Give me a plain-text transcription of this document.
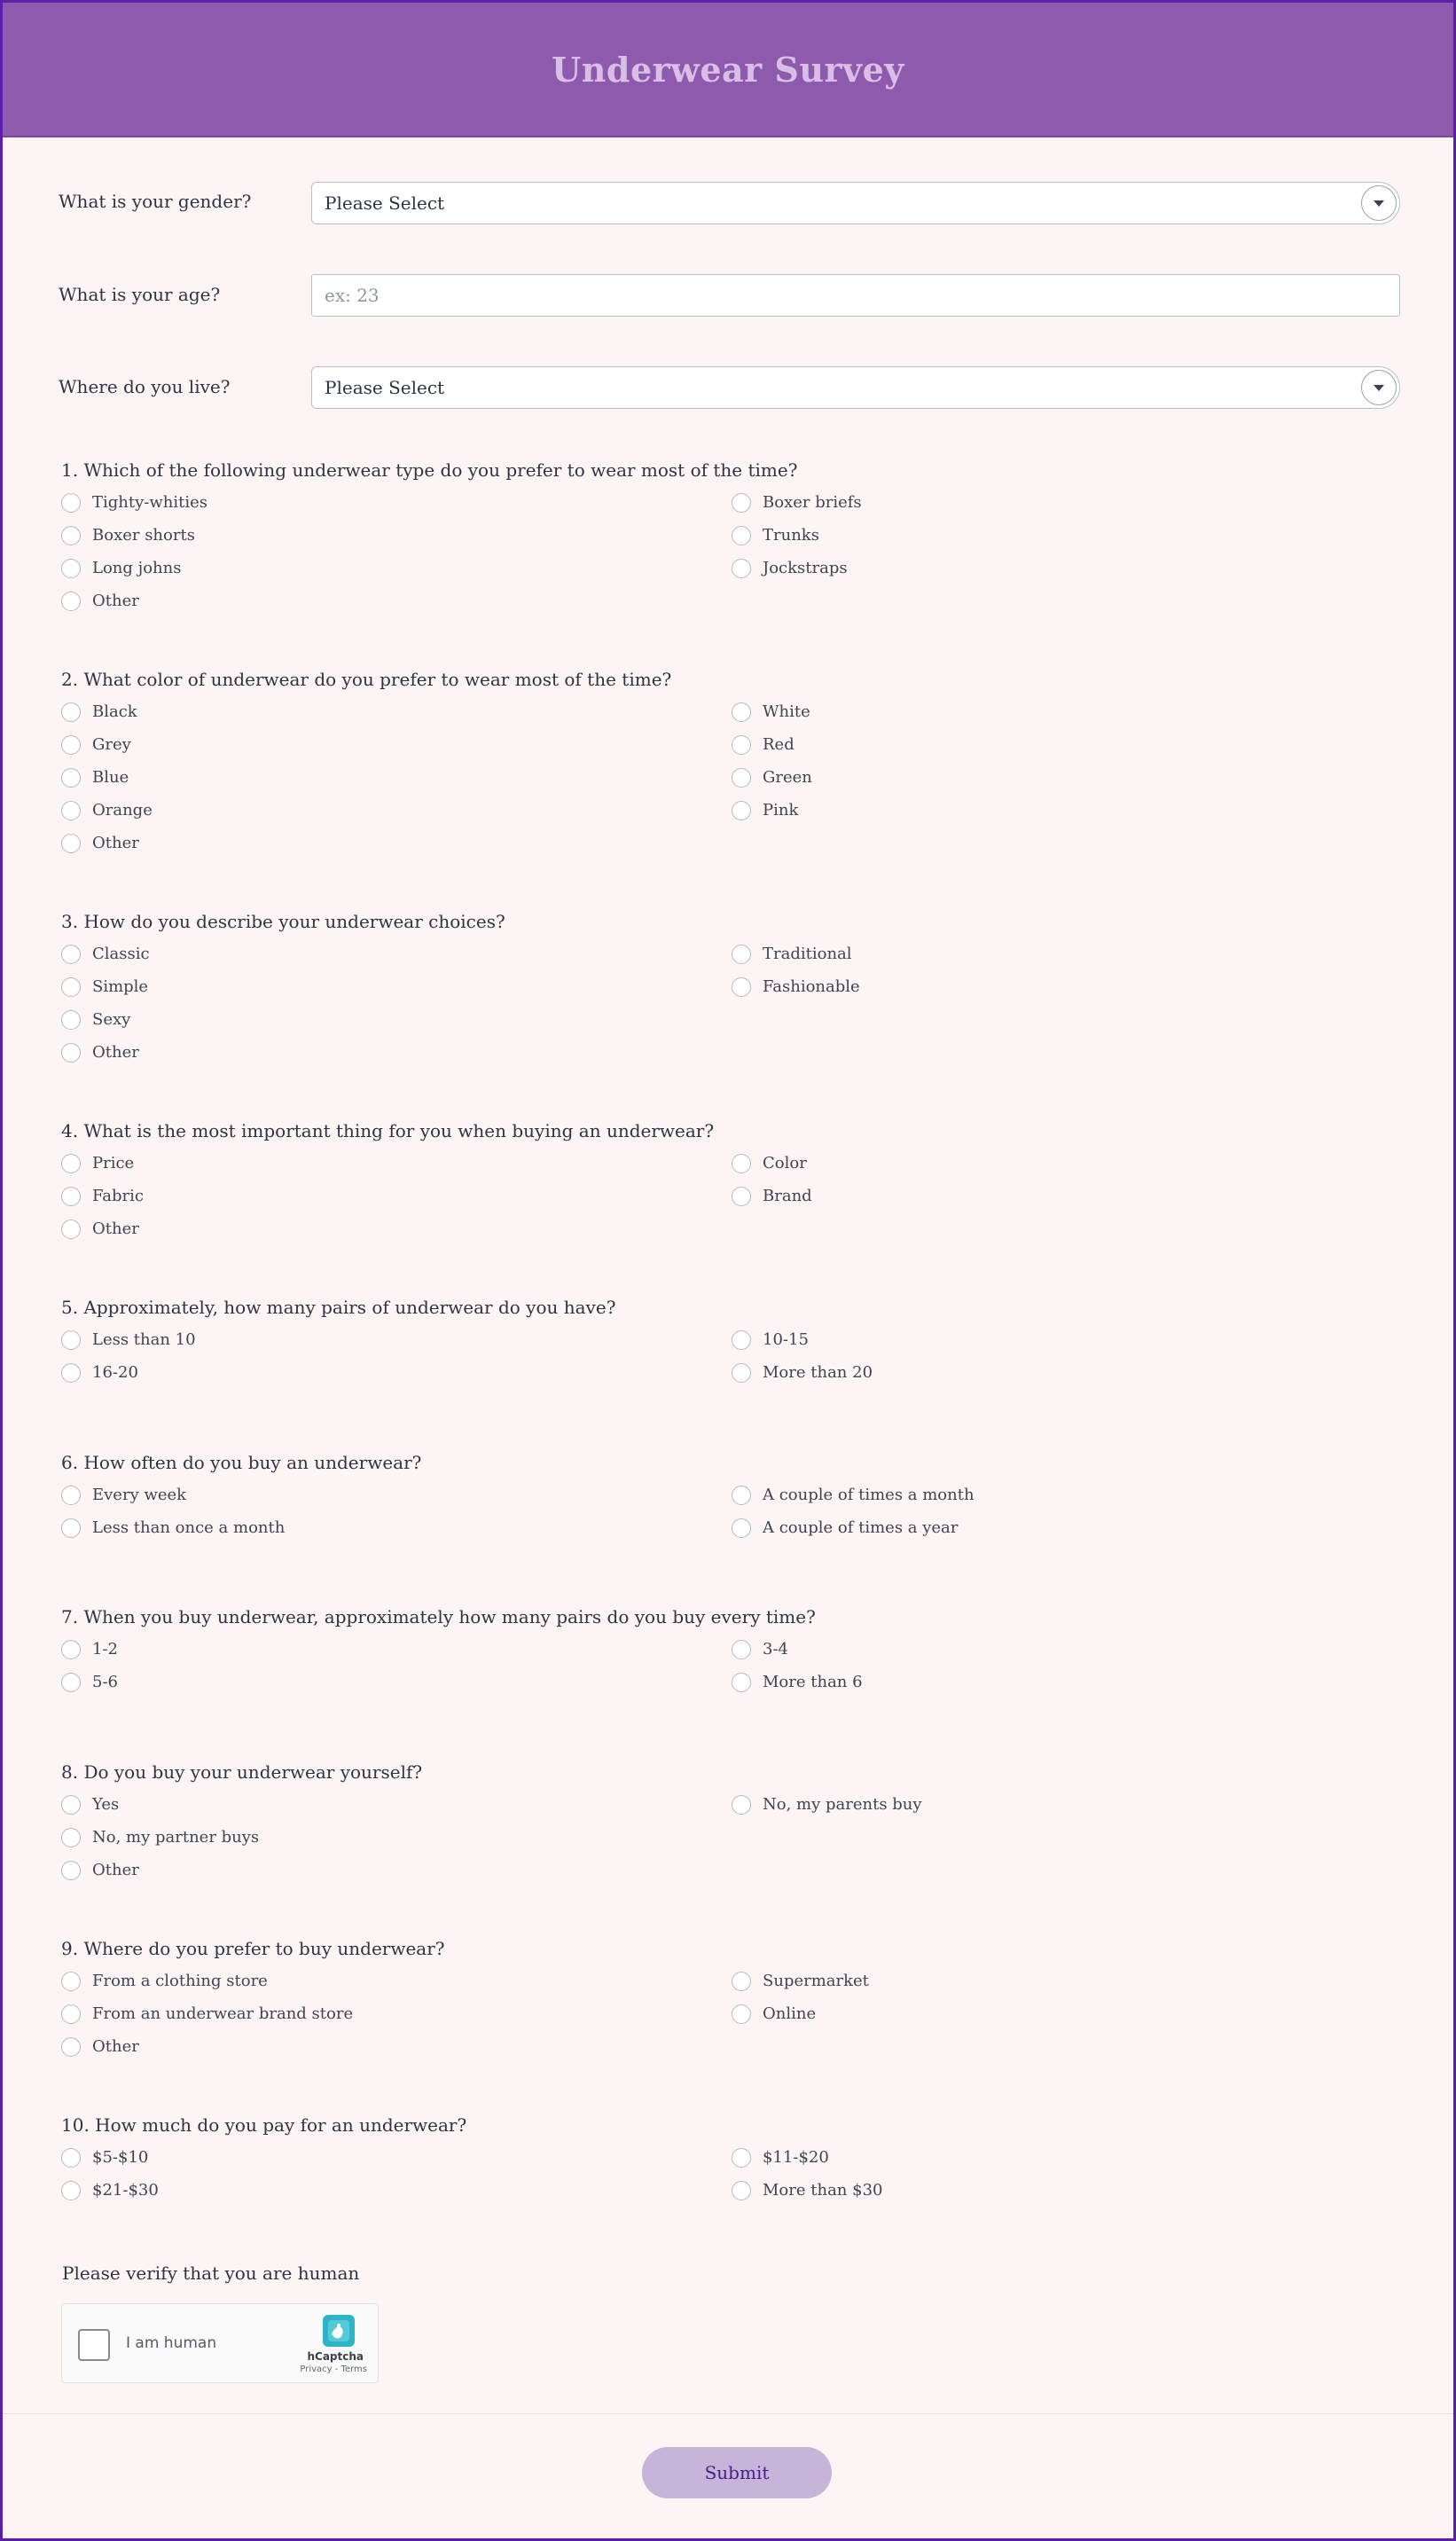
Underwear Survey
What is your gender?	Please Select
What is your age?	ex: 23
Where do you live?	Please Select
1. Which of the following underwear type do you prefer to wear most of the time?
Tighty-whities	Boxer briefs
Boxer shorts	Trunks
Long johns	Jockstraps
Other
2. What color of underwear do you prefer to wear most of the time?
Black	White
Grey	Red
Blue	Green
Orange	Pink
Other
3. How do you describe your underwear choices?
Classic	Traditional
Simple	Fashionable
Sexy
Other
4. What is the most important thing for you when buying an underwear?
Price	Color
Fabric	Brand
Other
5. Approximately, how many pairs of underwear do you have?
Less than 10	10-15
16-20	More than 20
6. How often do you buy an underwear?
Every week	A couple of times a month
Less than once a month	A couple of times a year
7. When you buy underwear, approximately how many pairs do you buy every time?
1-2	3-4
5-6	More than 6
8. Do you buy your underwear yourself?
Yes	No, my parents buy
No, my partner buys
Other
9. Where do you prefer to buy underwear?
From a clothing store	Supermarket
From an underwear brand store	Online
Other
10. How much do you pay for an underwear?
$5-$10	$11-$20
$21-$30	More than $30
Please verify that you are human
I am human
hCaptcha
Privacy - Terms
Submit
